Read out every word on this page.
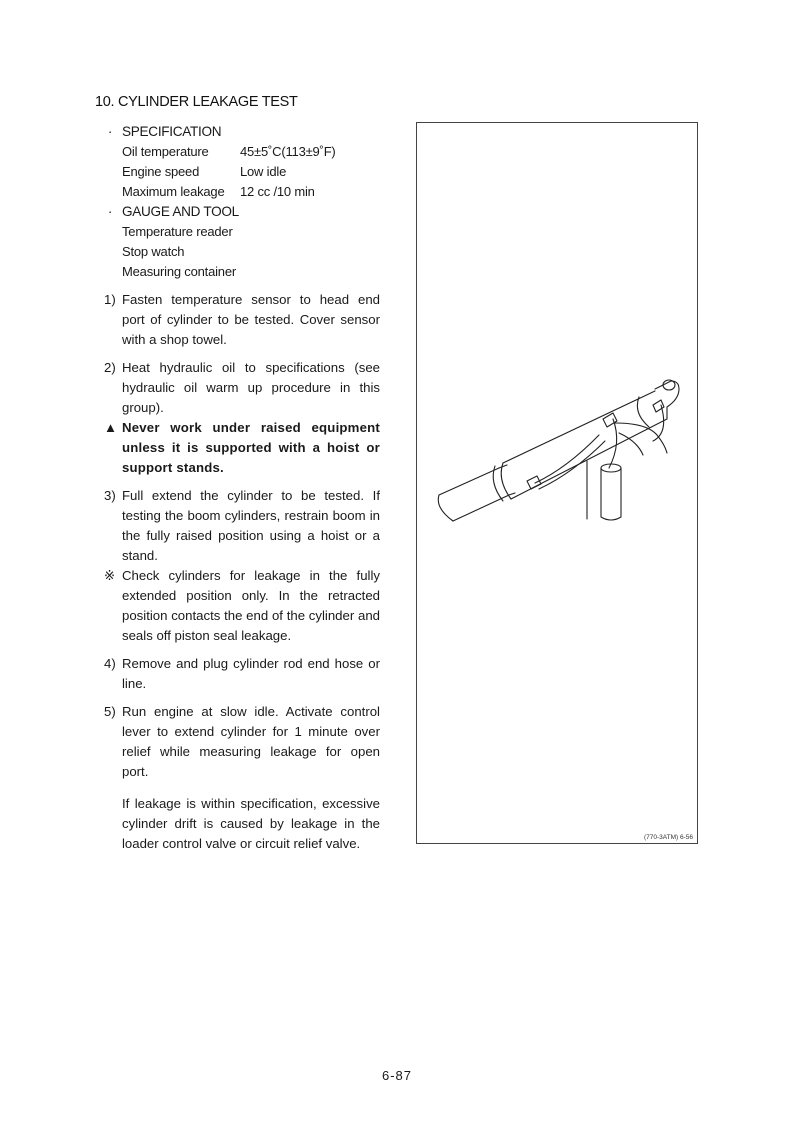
10. CYLINDER LEAKAGE TEST
· SPECIFICATION
Oil temperature	45±5˚C(113±9˚F)
Engine speed	Low idle
Maximum leakage	12 cc /10 min
· GAUGE AND TOOL
Temperature reader
Stop watch
Measuring container
1) Fasten temperature sensor to head end port of cylinder to be tested. Cover sensor with a shop towel.
2) Heat hydraulic oil to specifications (see hydraulic oil warm up procedure in this group).
▲ Never work under raised equipment unless it is supported with a hoist or support stands.
3) Full extend the cylinder to be tested. If testing the boom cylinders, restrain boom in the fully raised position using a hoist or a stand.
※ Check cylinders for leakage in the fully extended position only. In the retracted position contacts the end of the cylinder and seals off piston seal leakage.
4) Remove and plug cylinder rod end hose or line.
5) Run engine at slow idle. Activate control lever to extend cylinder for 1 minute over relief while measuring leakage for open port.
If leakage is within specification, excessive cylinder drift is caused by leakage in the loader control valve or circuit relief valve.	(770-3ATM) 6-56
6-87
